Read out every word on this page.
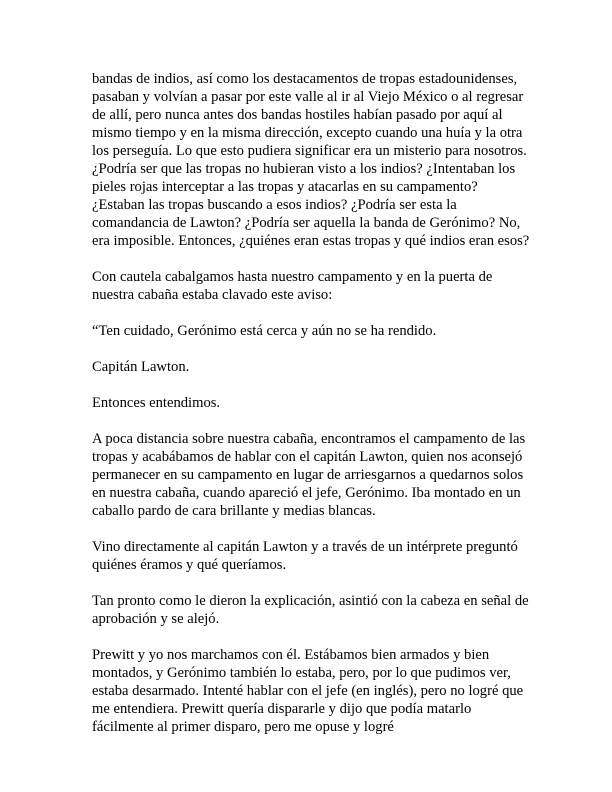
bandas de indios, así como los destacamentos de tropas estadounidenses, pasaban y volvían a pasar por este valle al ir al Viejo México o al regresar de allí, pero nunca antes dos bandas hostiles habían pasado por aquí al mismo tiempo y en la misma dirección, excepto cuando una huía y la otra los perseguía. Lo que esto pudiera significar era un misterio para nosotros. ¿Podría ser que las tropas no hubieran visto a los indios? ¿Intentaban los pieles rojas interceptar a las tropas y atacarlas en su campamento? ¿Estaban las tropas buscando a esos indios? ¿Podría ser esta la comandancia de Lawton? ¿Podría ser aquella la banda de Gerónimo? No, era imposible. Entonces, ¿quiénes eran estas tropas y qué indios eran esos?

Con cautela cabalgamos hasta nuestro campamento y en la puerta de nuestra cabaña estaba clavado este aviso:

“Ten cuidado, Gerónimo está cerca y aún no se ha rendido.

Capitán Lawton.

Entonces entendimos.

A poca distancia sobre nuestra cabaña, encontramos el campamento de las tropas y acabábamos de hablar con el capitán Lawton, quien nos aconsejó permanecer en su campamento en lugar de arriesgarnos a quedarnos solos en nuestra cabaña, cuando apareció el jefe, Gerónimo. Iba montado en un caballo pardo de cara brillante y medias blancas.

Vino directamente al capitán Lawton y a través de un intérprete preguntó quiénes éramos y qué queríamos.

Tan pronto como le dieron la explicación, asintió con la cabeza en señal de aprobación y se alejó.

Prewitt y yo nos marchamos con él. Estábamos bien armados y bien montados, y Gerónimo también lo estaba, pero, por lo que pudimos ver, estaba desarmado. Intenté hablar con el jefe (en inglés), pero no logré que me entendiera. Prewitt quería dispararle y dijo que podía matarlo fácilmente al primer disparo, pero me opuse y logré
